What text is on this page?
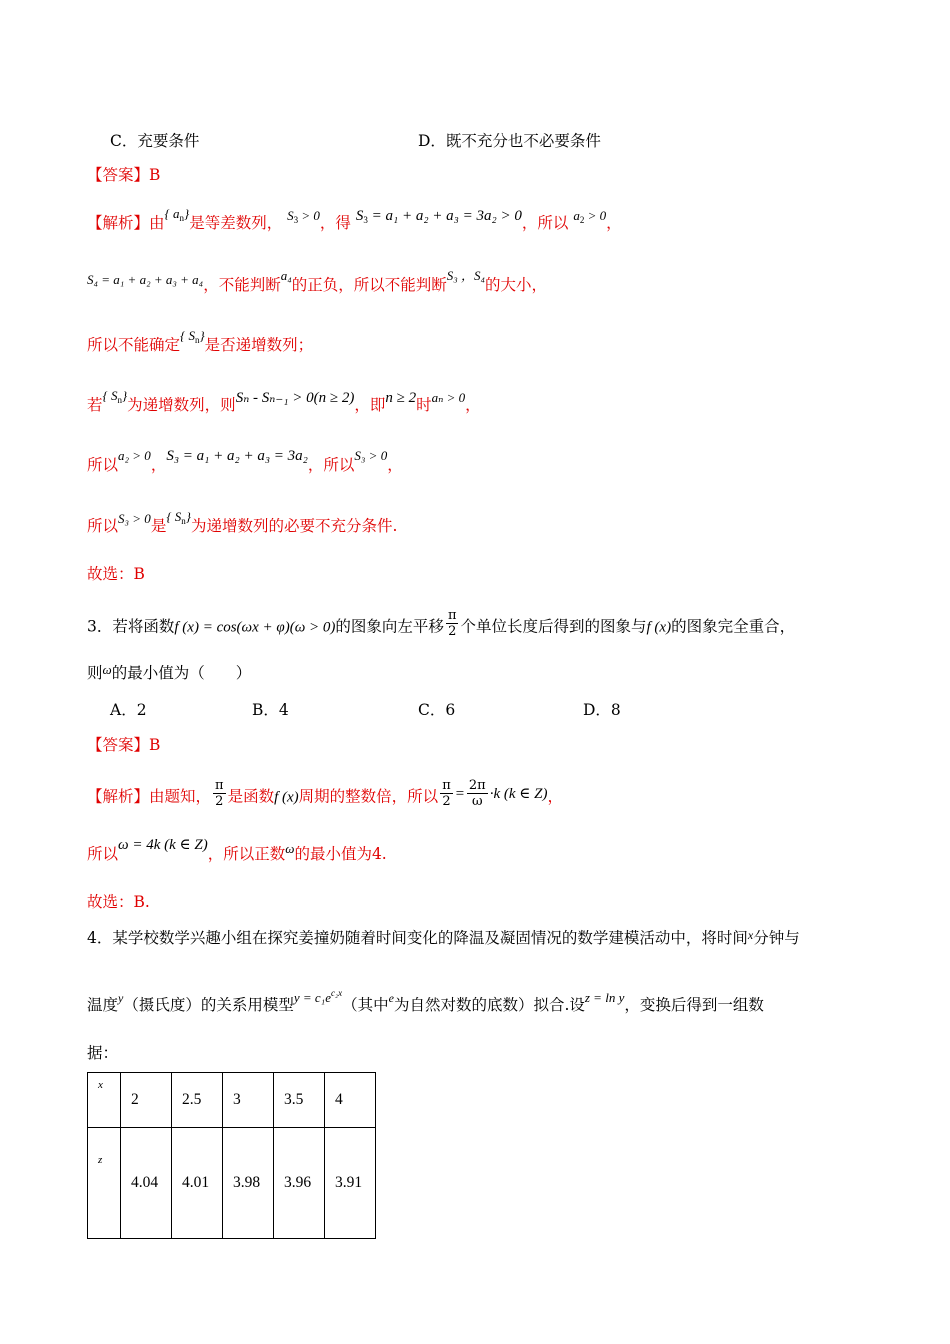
C．充要条件	D．既不充分也不必要条件
【答案】B
【解析】由$^{\{ a_n\}}$是等差数列， $^{S_3 > 0}$，得 $S_3 = a_1 + a_2 + a_3 = 3a_2 > 0$，所以 $^{a_2 > 0}$，
$^{S_4 = a_1 + a_2 + a_3 + a_4}$，不能判断$^{a_4}$的正负，所以不能判断$^{S_3 ,S_4}$的大小，
所以不能确定$^{\{ S_n\}}$是否递增数列；
若$^{\{ S_n\}}$为递增数列，则Sₙ - Sₙ₋₁ > 0(n ≥ 2)，即n ≥ 2时$^{a_n > 0}$，
所以$^{a_2 > 0}$，S₃ = a₁ + a₂ + a₃ = 3a₂，所以$^{S_3 > 0}$，
所以$^{S_3 > 0}$是$^{\{ S_n\}}$为递增数列的必要不充分条件.
故选：B
3．若将函数f (x) = cos(ωx + φ)(ω > 0)的图象向左平移 $\frac{\pi}{2}$ 个单位长度后得到的图象与f (x)的图象完全重合，
则$^\omega$的最小值为（　　）
A．2	B．4	C．6	D．8
【答案】B
【解析】由题知， $\frac{\pi}{2}$ 是函数f (x)周期的整数倍，所以 $\frac{\pi}{2} = \frac{2\pi}{\omega} \cdot k$ (k ∈ Z)，
所以ω = 4k (k ∈ Z)，所以正数$^\omega$的最小值为4.
故选：B.
4．某学校数学兴趣小组在探究姜撞奶随着时间变化的降温及凝固情况的数学建模活动中，将时间$^x$分钟与
温度$^y$（摄氏度）的关系用模型$^{y = c_1e^{c_2x}}$（其中$^e$为自然对数的底数）拟合.设$^{z = ln y}$，变换后得到一组数
据：
x	2	2.5	3	3.5	4
z	4.04	4.01	3.98	3.96	3.91
